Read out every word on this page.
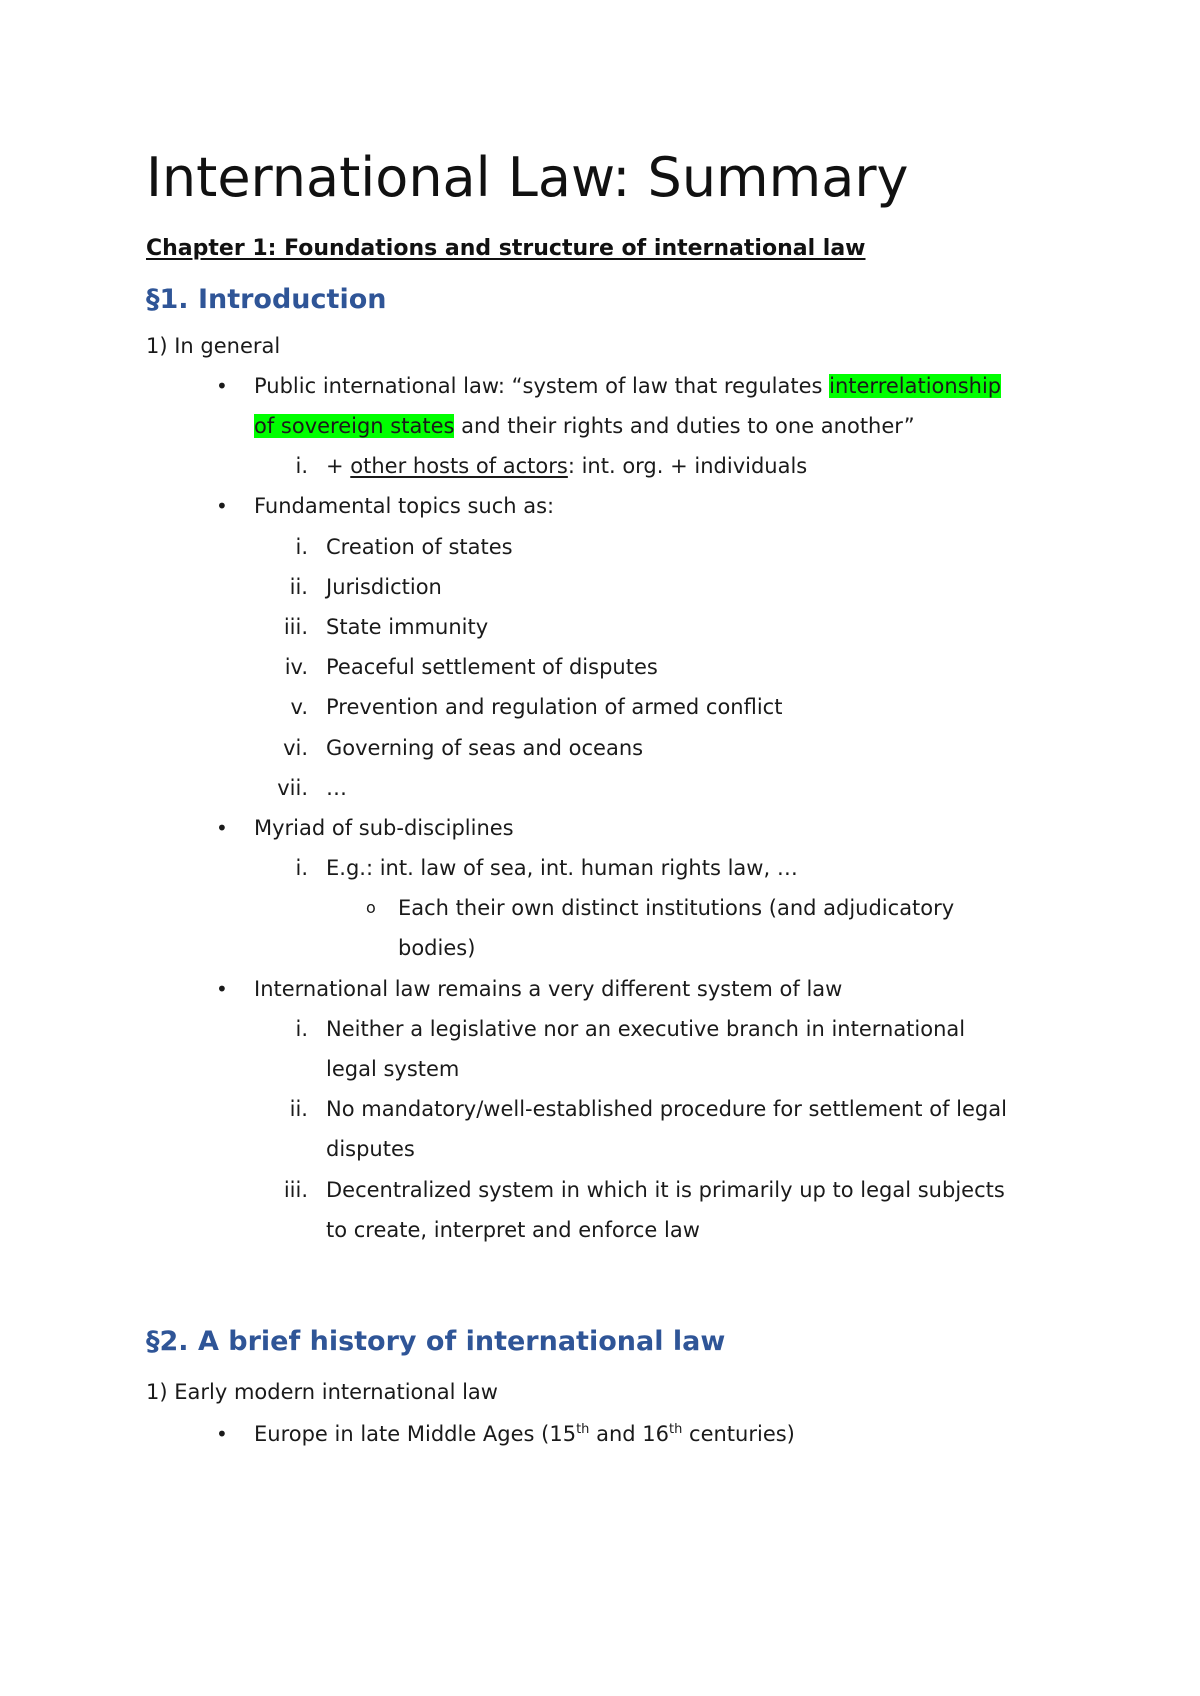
International Law: Summary
Chapter 1: Foundations and structure of international law
§1. Introduction
1) In general
• Public international law: “system of law that regulates interrelationship
of sovereign states and their rights and duties to one another”
i. + other hosts of actors: int. org. + individuals
• Fundamental topics such as:
i. Creation of states
ii. Jurisdiction
iii. State immunity
iv. Peaceful settlement of disputes
v. Prevention and regulation of armed conflict
vi. Governing of seas and oceans
vii. …
• Myriad of sub-disciplines
i. E.g.: int. law of sea, int. human rights law, …
o Each their own distinct institutions (and adjudicatory
bodies)
• International law remains a very different system of law
i. Neither a legislative nor an executive branch in international
legal system
ii. No mandatory/well-established procedure for settlement of legal
disputes
iii. Decentralized system in which it is primarily up to legal subjects
to create, interpret and enforce law
§2. A brief history of international law
1) Early modern international law
• Europe in late Middle Ages (15th and 16th centuries)
